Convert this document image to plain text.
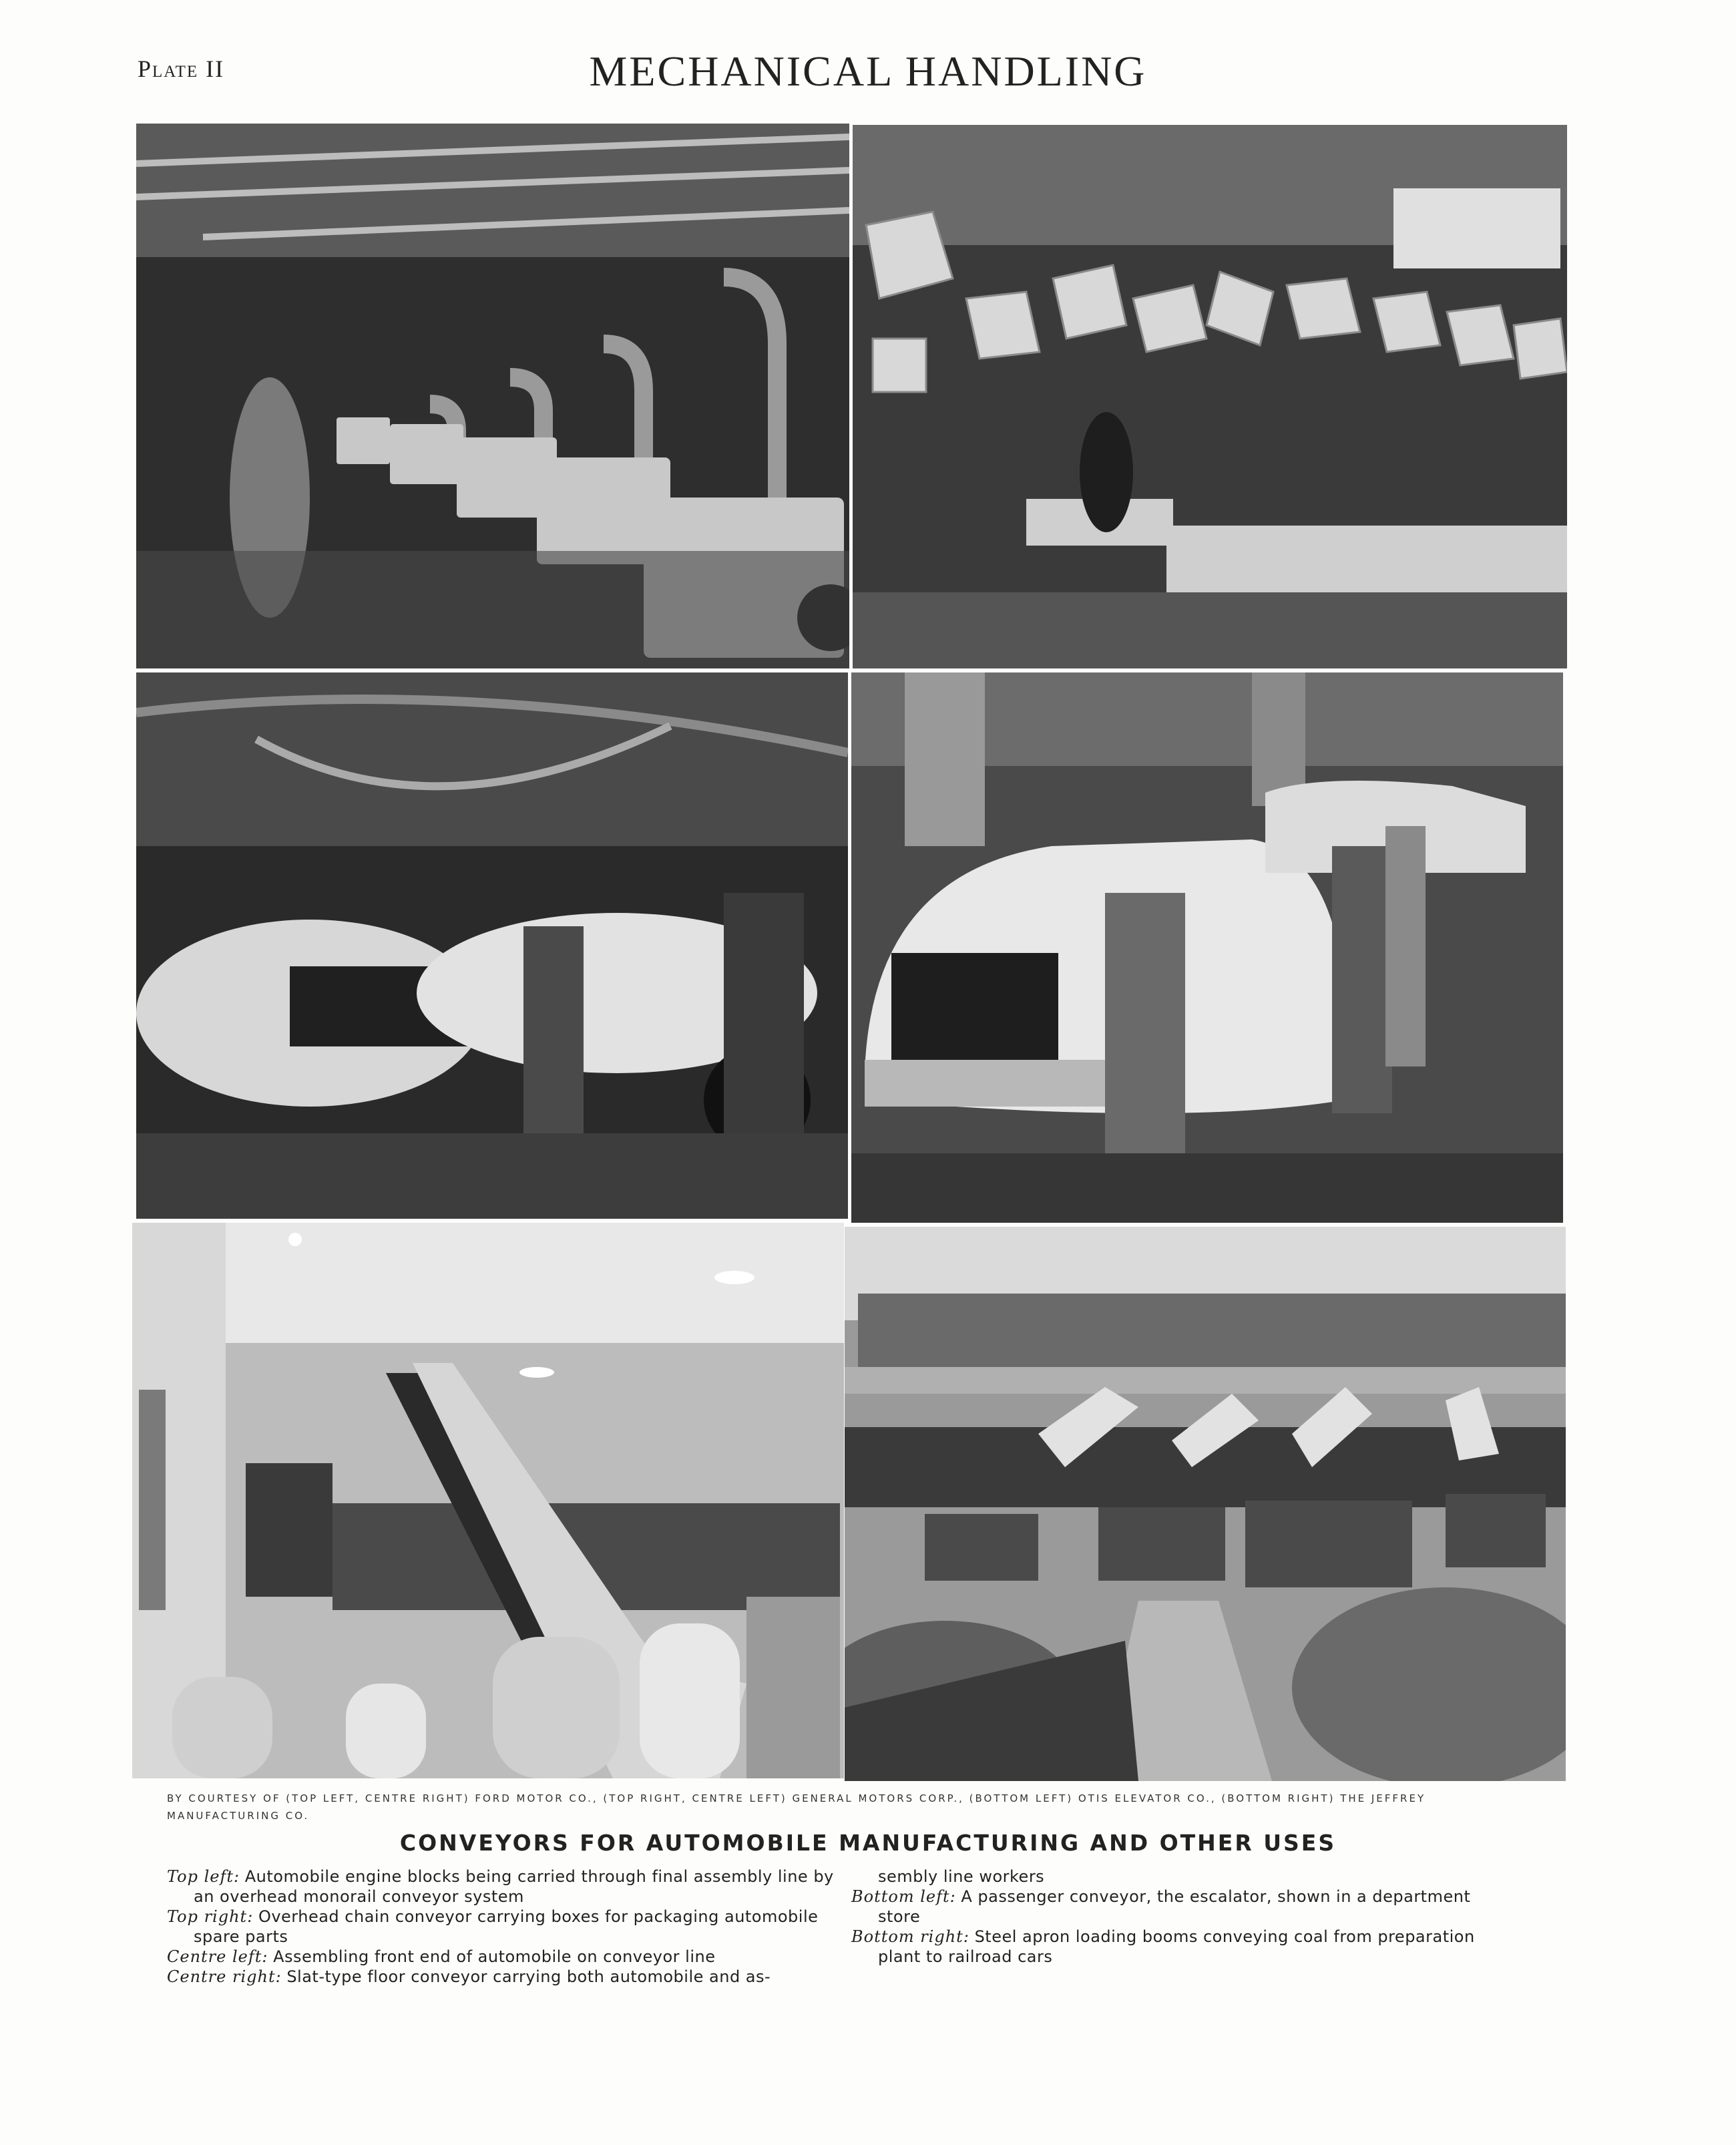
Plate II	MECHANICAL HANDLING
BY COURTESY OF (TOP LEFT, CENTRE RIGHT) FORD MOTOR CO., (TOP RIGHT, CENTRE LEFT) GENERAL MOTORS CORP., (BOTTOM LEFT) OTIS ELEVATOR CO., (BOTTOM RIGHT) THE JEFFREY MANUFACTURING CO.
CONVEYORS FOR AUTOMOBILE MANUFACTURING AND OTHER USES

Top left: Automobile engine blocks being carried through final assembly line by an overhead monorail conveyor system

Top right: Overhead chain conveyor carrying boxes for packaging automobile spare parts

Centre left: Assembling front end of automobile on conveyor line

Centre right: Slat-type floor conveyor carrying both automobile and as-

sembly line workers

Bottom left: A passenger conveyor, the escalator, shown in a department store

Bottom right: Steel apron loading booms conveying coal from preparation plant to railroad cars
